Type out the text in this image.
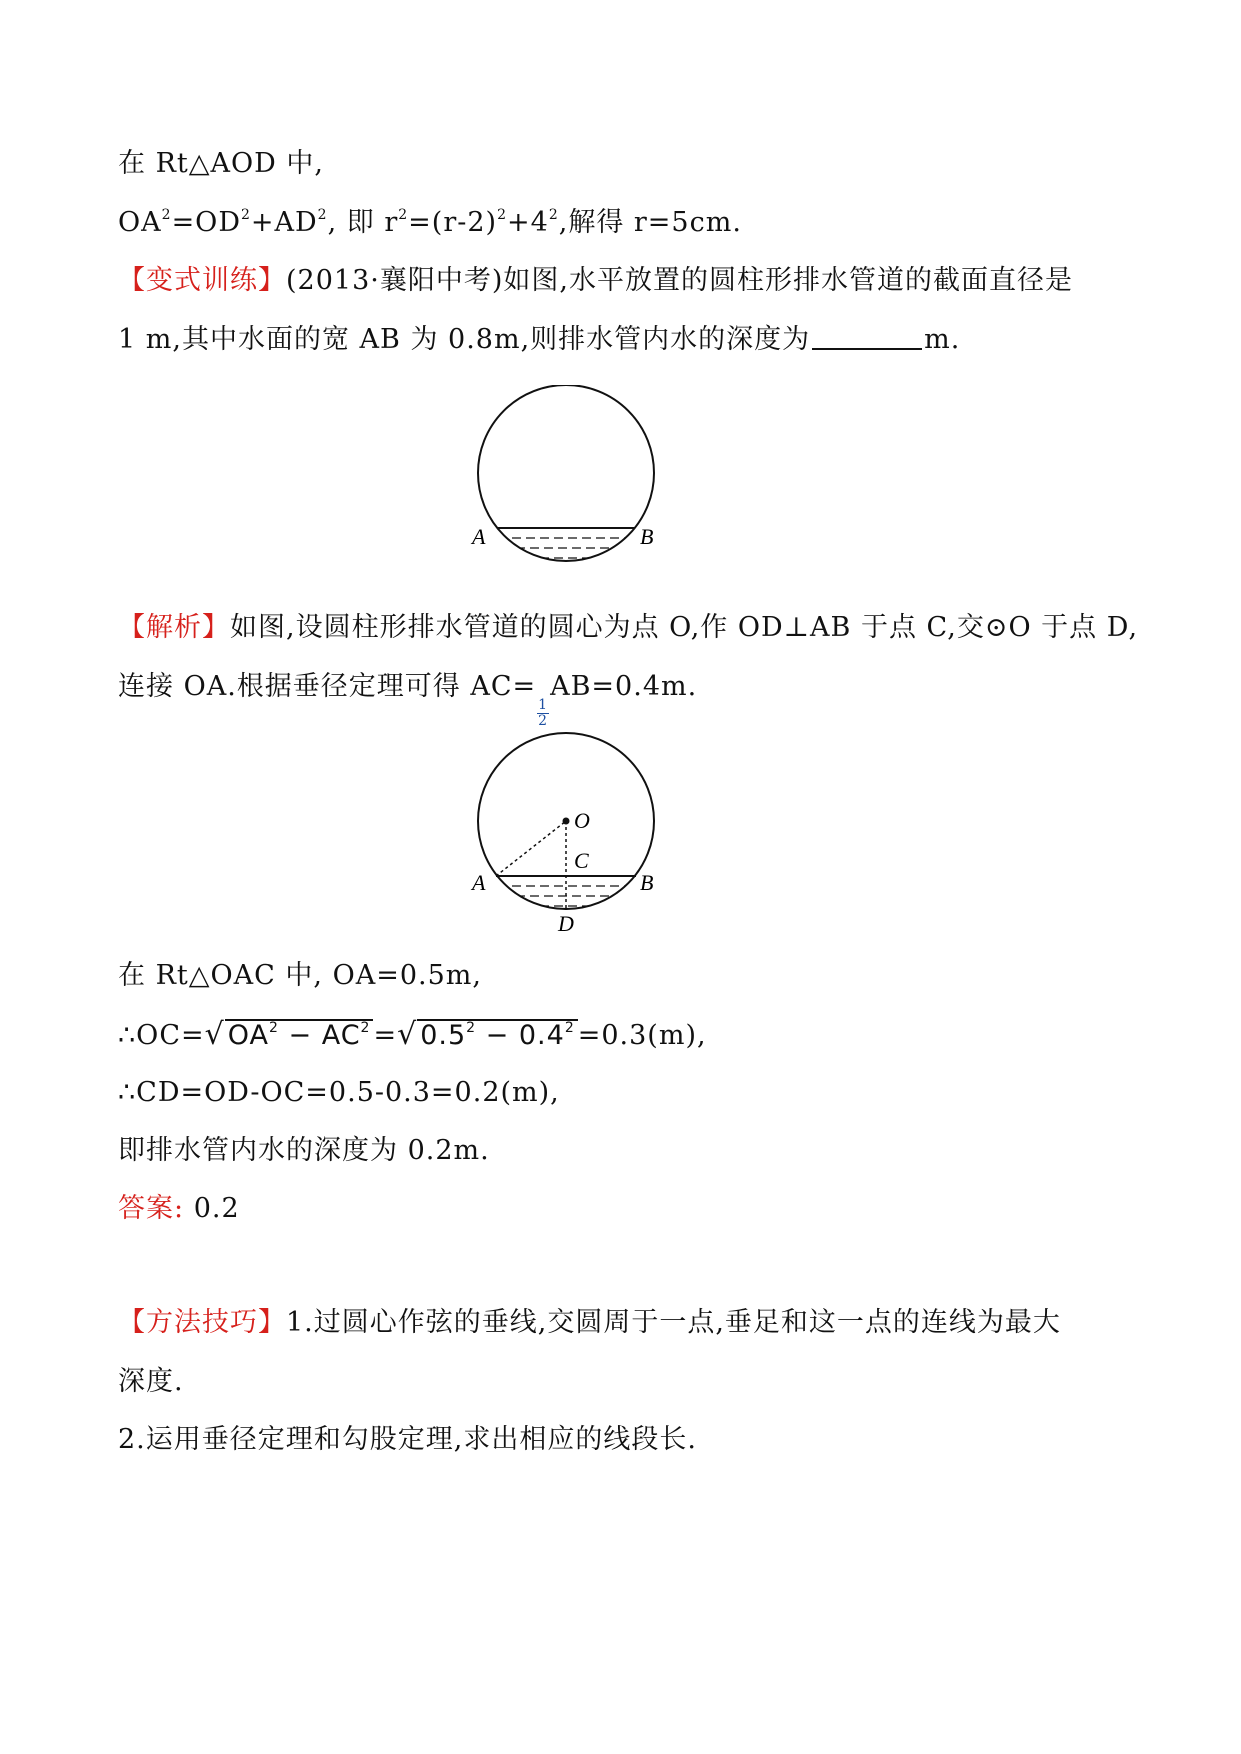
在 Rt△AOD 中,
$OA^2=OD^2+AD^2$, 即 $r^2=(r-2)^2+4^2$,解得 r=5cm.
【变式训练】(2013·襄阳中考)如图,水平放置的圆柱形排水管道的截面直径是
1 m,其中水面的宽 AB 为 0.8m,则排水管内水的深度为	m.
A	B
【解析】如图,设圆柱形排水管道的圆心为点 O,作 OD⊥AB 于点 C,交⊙O 于点 D,
连接 OA.根据垂径定理可得 AC=
$\frac{1}{2}$
AB=0.4m.
O
C
A	B
D
在 Rt△OAC 中, OA=0.5m,
∴OC=√ $OA^2 - AC^2$ =√ $0.5^2 - 0.4^2 =0.3(m)$,
∴CD=OD-OC=0.5-0.3=0.2(m),
即排水管内水的深度为 0.2m.
答案: 0.2
【方法技巧】1.过圆心作弦的垂线,交圆周于一点,垂足和这一点的连线为最大
深度.
2.运用垂径定理和勾股定理,求出相应的线段长.
